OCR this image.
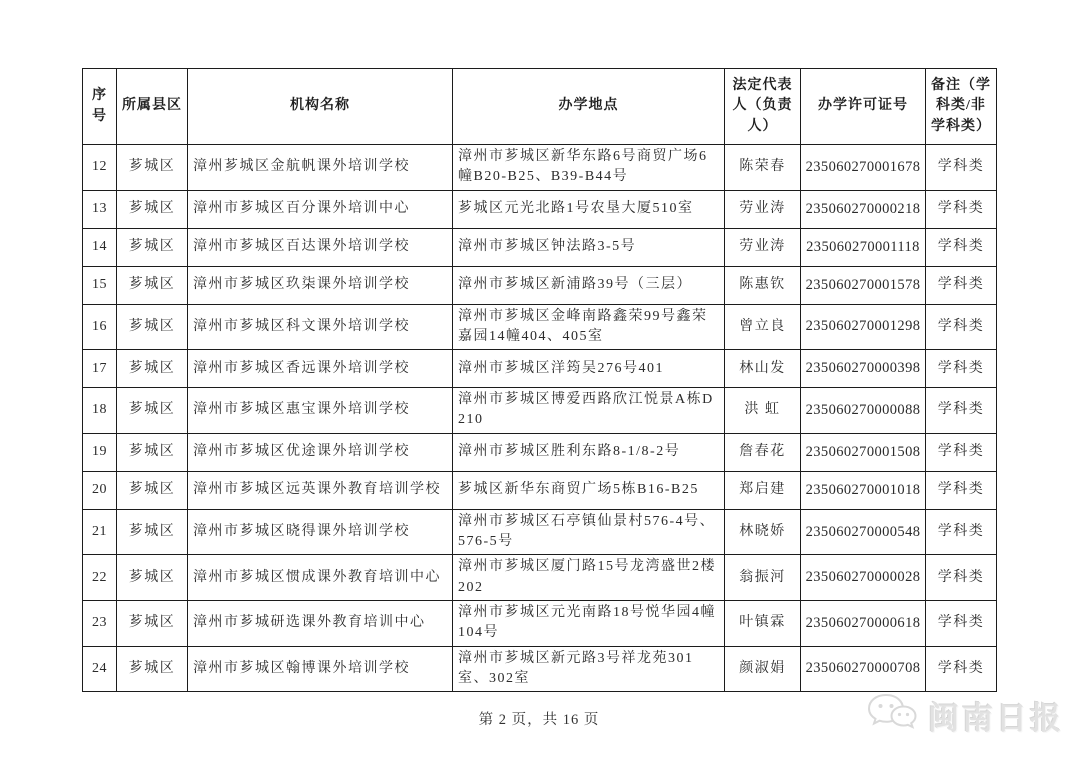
序号	所属县区	机构名称	办学地点	法定代表人（负责人）	办学许可证号	备注（学科类/非学科类）
12	芗城区	漳州芗城区金航帆课外培训学校	漳州市芗城区新华东路6号商贸广场6幢B20-B25、B39-B44号	陈荣春	235060270001678	学科类
13	芗城区	漳州市芗城区百分课外培训中心	芗城区元光北路1号农垦大厦510室	劳业涛	235060270000218	学科类
14	芗城区	漳州市芗城区百达课外培训学校	漳州市芗城区钟法路3-5号	劳业涛	235060270001118	学科类
15	芗城区	漳州市芗城区玖柒课外培训学校	漳州市芗城区新浦路39号（三层）	陈惠钦	235060270001578	学科类
16	芗城区	漳州市芗城区科文课外培训学校	漳州市芗城区金峰南路鑫荣99号鑫荣嘉园14幢404、405室	曾立良	235060270001298	学科类
17	芗城区	漳州市芗城区香远课外培训学校	漳州市芗城区洋筠吴276号401	林山发	235060270000398	学科类
18	芗城区	漳州市芗城区惠宝课外培训学校	漳州市芗城区博爱西路欣江悦景A栋D210	洪 虹	235060270000088	学科类
19	芗城区	漳州市芗城区优途课外培训学校	漳州市芗城区胜利东路8-1/8-2号	詹春花	235060270001508	学科类
20	芗城区	漳州市芗城区远英课外教育培训学校	芗城区新华东商贸广场5栋B16-B25	郑启建	235060270001018	学科类
21	芗城区	漳州市芗城区晓得课外培训学校	漳州市芗城区石亭镇仙景村576-4号、576-5号	林晓娇	235060270000548	学科类
22	芗城区	漳州市芗城区惯成课外教育培训中心	漳州市芗城区厦门路15号龙湾盛世2楼202	翁振河	235060270000028	学科类
23	芗城区	漳州市芗城研选课外教育培训中心	漳州市芗城区元光南路18号悦华园4幢104号	叶镇霖	235060270000618	学科类
24	芗城区	漳州市芗城区翰博课外培训学校	漳州市芗城区新元路3号祥龙苑301室、302室	颜淑娟	235060270000708	学科类
第 2 页，共 16 页	闽南日报
